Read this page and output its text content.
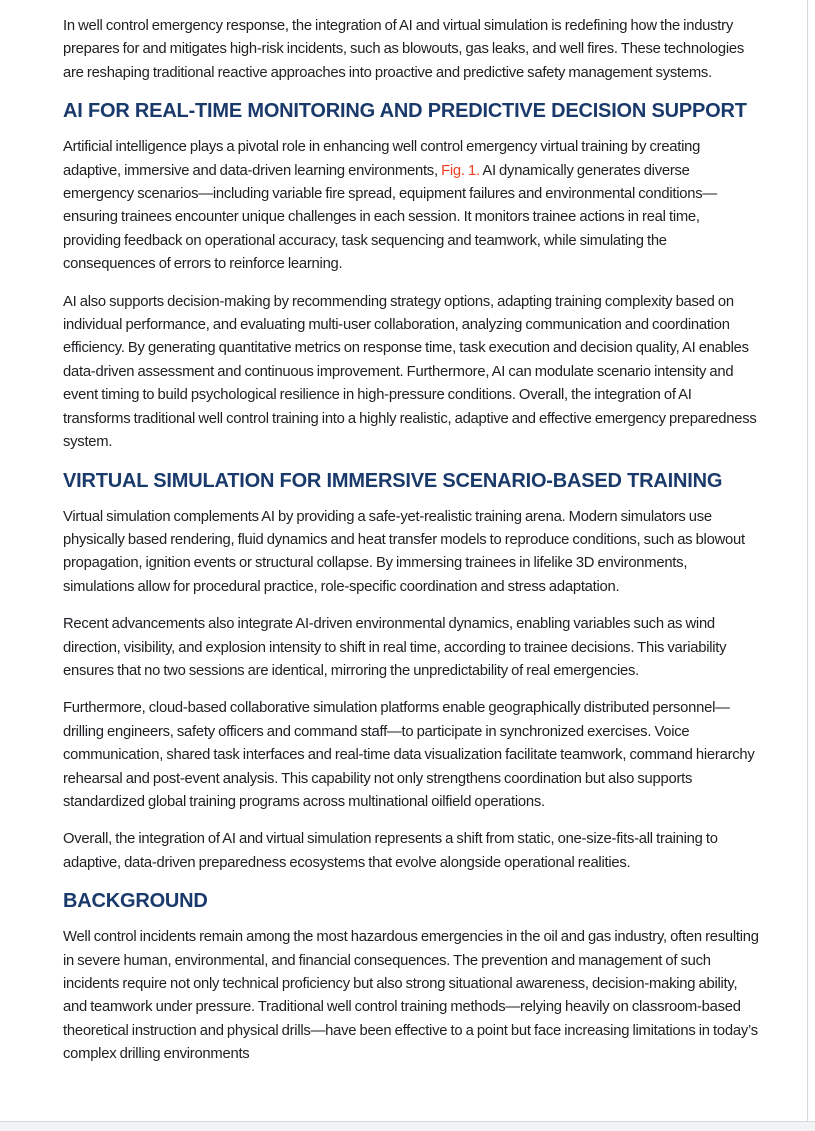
In well control emergency response, the integration of AI and virtual simulation is redefining how the industry prepares for and mitigates high-risk incidents, such as blowouts, gas leaks, and well fires. These technologies are reshaping traditional reactive approaches into proactive and predictive safety management systems.

AI FOR REAL-TIME MONITORING AND PREDICTIVE DECISION SUPPORT

Artificial intelligence plays a pivotal role in enhancing well control emergency virtual training by creating adaptive, immersive and data-driven learning environments, Fig. 1. AI dynamically generates diverse emergency scenarios—including variable fire spread, equipment failures and environmental conditions—ensuring trainees encounter unique challenges in each session. It monitors trainee actions in real time, providing feedback on operational accuracy, task sequencing and teamwork, while simulating the consequences of errors to reinforce learning.

AI also supports decision-making by recommending strategy options, adapting training complexity based on individual performance, and evaluating multi-user collaboration, analyzing communication and coordination efficiency. By generating quantitative metrics on response time, task execution and decision quality, AI enables data-driven assessment and continuous improvement. Furthermore, AI can modulate scenario intensity and event timing to build psychological resilience in high-pressure conditions. Overall, the integration of AI transforms traditional well control training into a highly realistic, adaptive and effective emergency preparedness system.

VIRTUAL SIMULATION FOR IMMERSIVE SCENARIO-BASED TRAINING

Virtual simulation complements AI by providing a safe-yet-realistic training arena. Modern simulators use physically based rendering, fluid dynamics and heat transfer models to reproduce conditions, such as blowout propagation, ignition events or structural collapse. By immersing trainees in lifelike 3D environments, simulations allow for procedural practice, role-specific coordination and stress adaptation.

Recent advancements also integrate AI-driven environmental dynamics, enabling variables such as wind direction, visibility, and explosion intensity to shift in real time, according to trainee decisions. This variability ensures that no two sessions are identical, mirroring the unpredictability of real emergencies.

Furthermore, cloud-based collaborative simulation platforms enable geographically distributed personnel—drilling engineers, safety officers and command staff—to participate in synchronized exercises. Voice communication, shared task interfaces and real-time data visualization facilitate teamwork, command hierarchy rehearsal and post-event analysis. This capability not only strengthens coordination but also supports standardized global training programs across multinational oilfield operations.

Overall, the integration of AI and virtual simulation represents a shift from static, one-size-fits-all training to adaptive, data-driven preparedness ecosystems that evolve alongside operational realities.

BACKGROUND

Well control incidents remain among the most hazardous emergencies in the oil and gas industry, often resulting in severe human, environmental, and financial consequences. The prevention and management of such incidents require not only technical proficiency but also strong situational awareness, decision-making ability, and teamwork under pressure. Traditional well control training methods—relying heavily on classroom-based theoretical instruction and physical drills—have been effective to a point but face increasing limitations in today’s complex drilling environments
